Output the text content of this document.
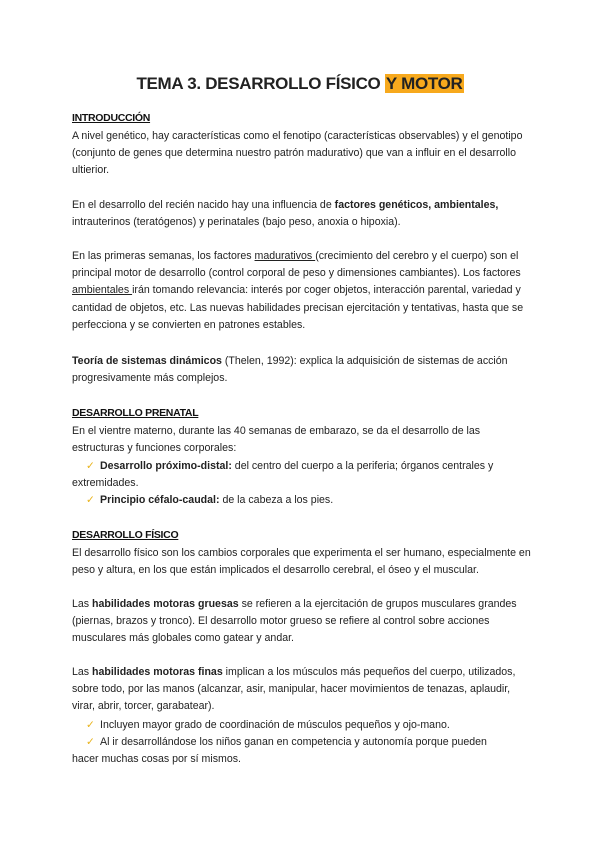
TEMA 3. DESARROLLO FÍSICO Y MOTOR
INTRODUCCIÓN
A nivel genético, hay características como el fenotipo (características observables) y el genotipo (conjunto de genes que determina nuestro patrón madurativo) que van a influir en el desarrollo ultierior.
En el desarrollo del recién nacido hay una influencia de factores genéticos, ambientales, intrauterinos (teratógenos) y perinatales (bajo peso, anoxia o hipoxia).
En las primeras semanas, los factores madurativos (crecimiento del cerebro y el cuerpo) son el principal motor de desarrollo (control corporal de peso y dimensiones cambiantes). Los factores ambientales irán tomando relevancia: interés por coger objetos, interacción parental, variedad y cantidad de objetos, etc. Las nuevas habilidades precisan ejercitación y tentativas, hasta que se perfecciona y se convierten en patrones estables.
Teoría de sistemas dinámicos (Thelen, 1992): explica la adquisición de sistemas de acción progresivamente más complejos.
DESARROLLO PRENATAL
En el vientre materno, durante las 40 semanas de embarazo, se da el desarrollo de las estructuras y funciones corporales:
✓ Desarrollo próximo-distal: del centro del cuerpo a la periferia; órganos centrales y
extremidades.
✓ Principio céfalo-caudal: de la cabeza a los pies.
DESARROLLO FÍSICO
El desarrollo físico son los cambios corporales que experimenta el ser humano, especialmente en peso y altura, en los que están implicados el desarrollo cerebral, el óseo y el muscular.
Las habilidades motoras gruesas se refieren a la ejercitación de grupos musculares grandes (piernas, brazos y tronco). El desarrollo motor grueso se refiere al control sobre acciones musculares más globales como gatear y andar.
Las habilidades motoras finas implican a los músculos más pequeños del cuerpo, utilizados, sobre todo, por las manos (alcanzar, asir, manipular, hacer movimientos de tenazas, aplaudir, virar, abrir, torcer, garabatear).
✓ Incluyen mayor grado de coordinación de músculos pequeños y ojo-mano.
✓ Al ir desarrollándose los niños ganan en competencia y autonomía porque pueden
hacer muchas cosas por sí mismos.
